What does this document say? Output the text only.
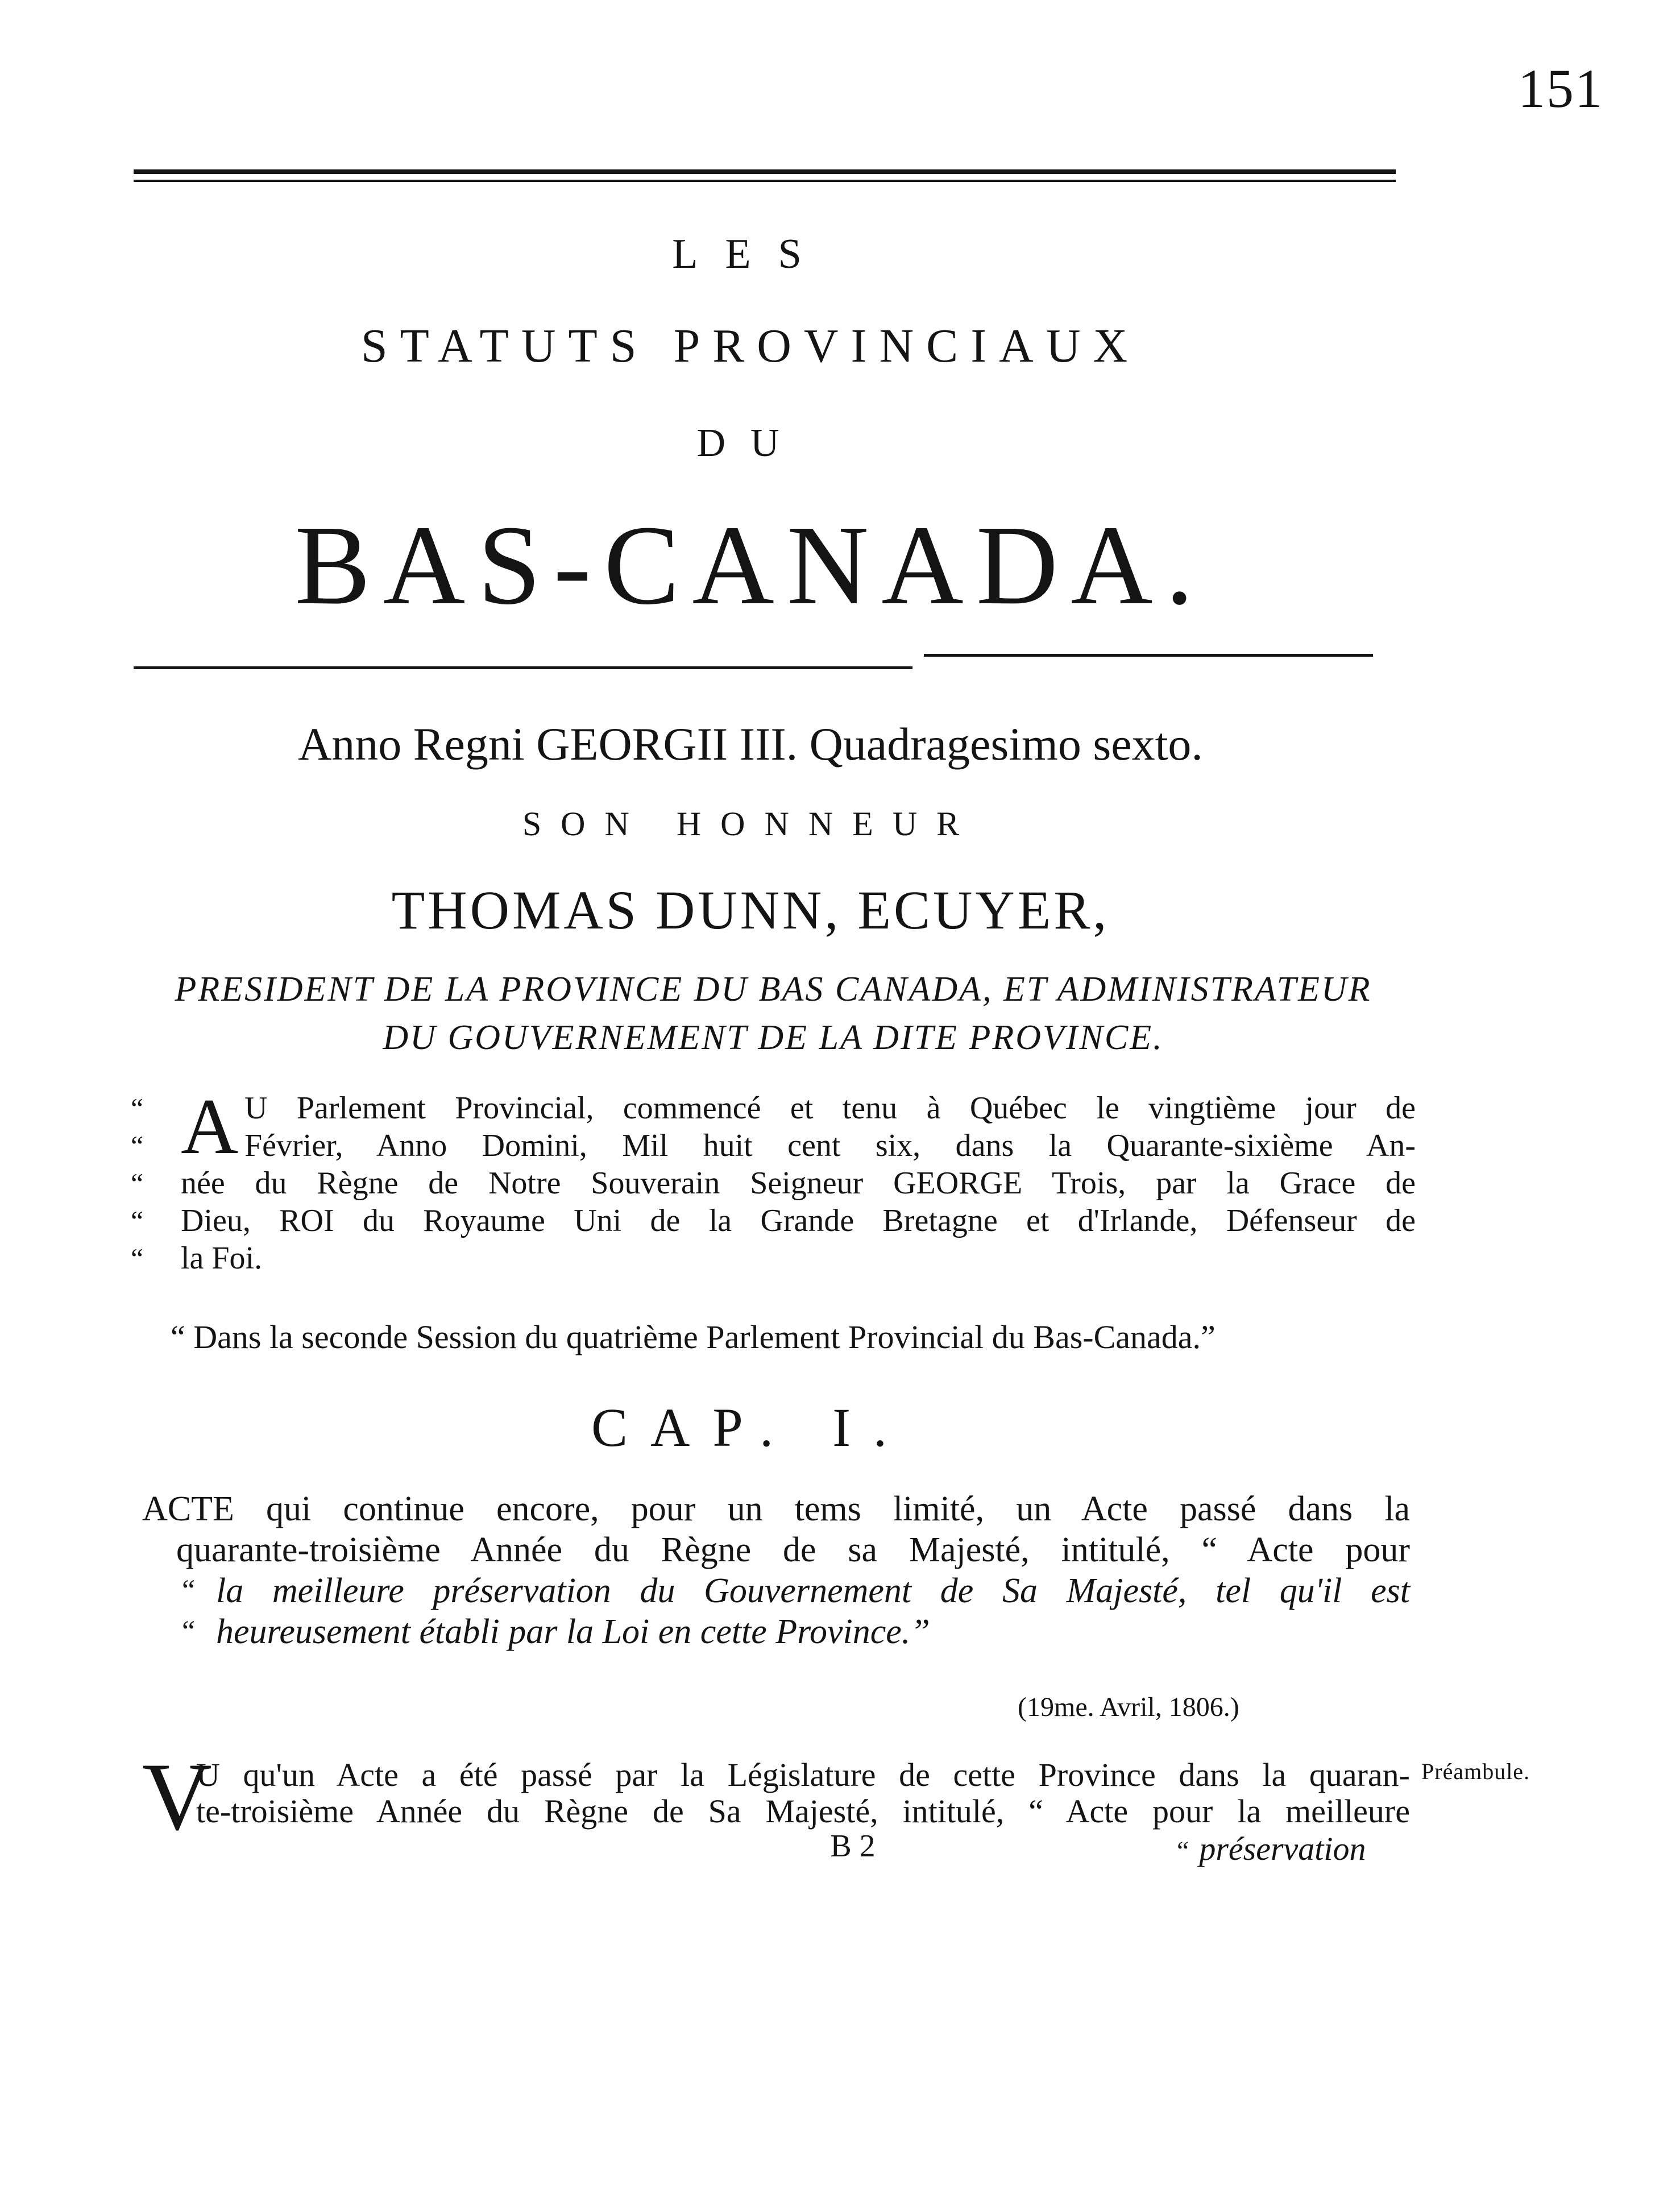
151
LES
STATUTS PROVINCIAUX
DU
BAS-CANADA.
Anno Regni GEORGII III. Quadragesimo sexto.
SON HONNEUR
THOMAS DUNN, ECUYER,
PRESIDENT DE LA PROVINCE DU BAS CANADA, ET ADMINISTRATEUR
DU GOUVERNEMENT DE LA DITE PROVINCE.
“ A U Parlement Provincial, commencé et tenu à Québec le vingtième jour de
“	Février, Anno Domini, Mil huit cent six, dans la Quarante-sixième An-
“	née du Règne de Notre Souverain Seigneur GEORGE Trois, par la Grace de
“	Dieu, ROI du Royaume Uni de la Grande Bretagne et d'Irlande, Défenseur de
“	la Foi.
“ Dans la seconde Session du quatrième Parlement Provincial du Bas-Canada.”
CAP. I.
ACTE qui continue encore, pour un tems limité, un Acte passé dans la
quarante-troisième Année du Règne de sa Majesté, intitulé, “ Acte pour
“ la meilleure préservation du Gouvernement de Sa Majesté, tel qu'il est
“ heureusement établi par la Loi en cette Province.”
(19me. Avril, 1806.)
V
U qu'un Acte a été passé par la Législature de cette Province dans la quaran-
te-troisième Année du Règne de Sa Majesté, intitulé, “ Acte pour la meilleure
Préambule.
B 2	“ préservation
